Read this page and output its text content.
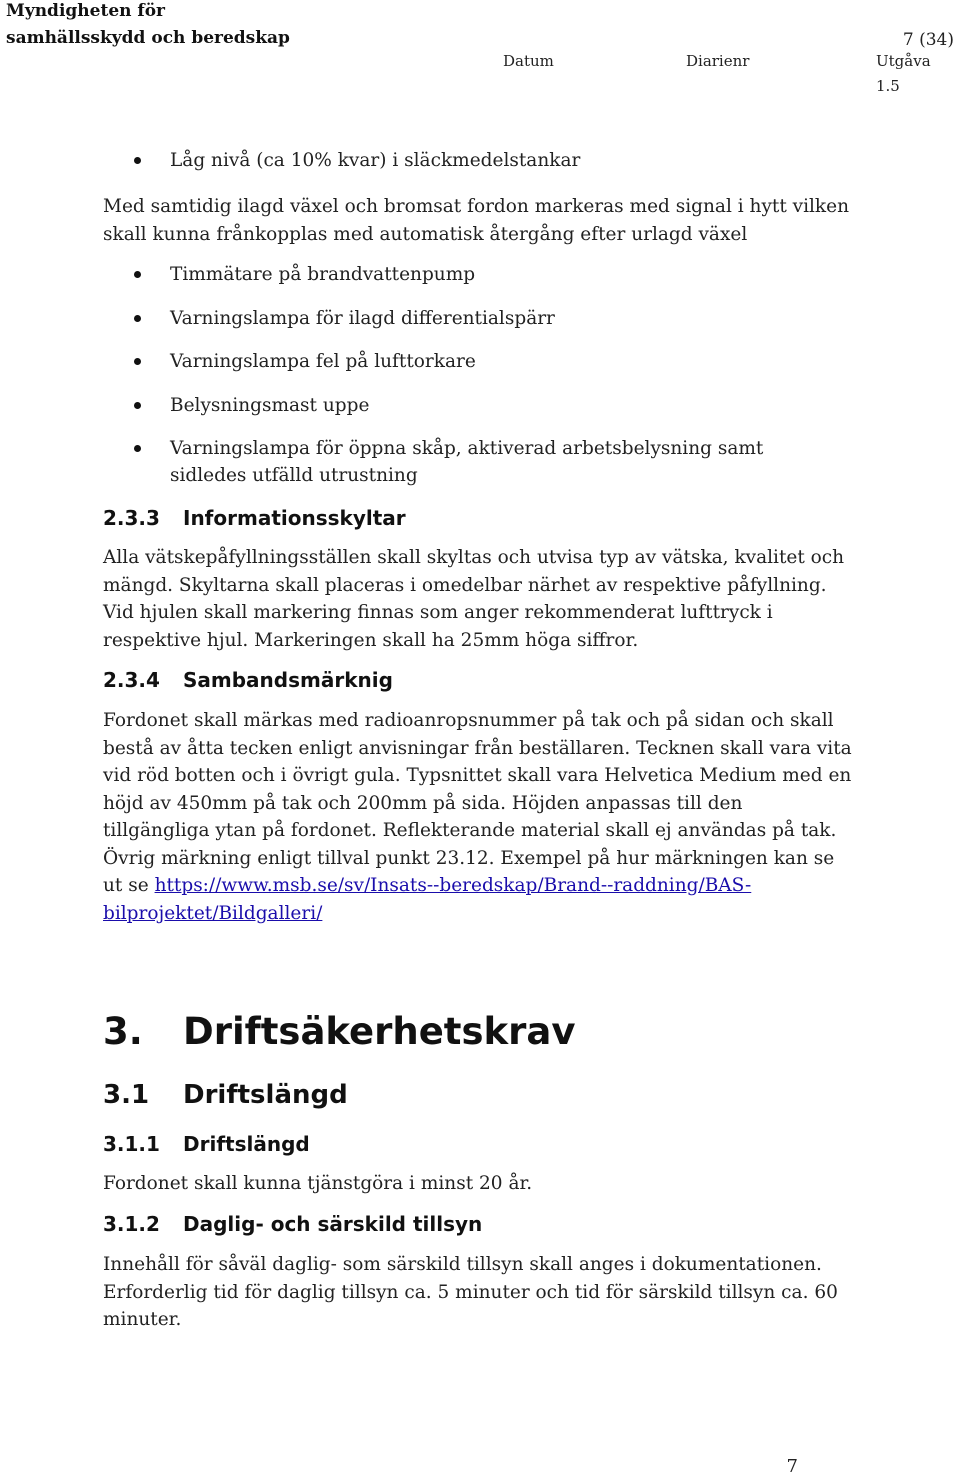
Myndigheten för
samhällsskydd och beredskap	7 (34)
Datum	Diarienr	Utgåva
1.5
Låg nivå (ca 10% kvar) i släckmedelstankar
Med samtidig ilagd växel och bromsat fordon markeras med signal i hytt vilken
skall kunna frånkopplas med automatisk återgång efter urlagd växel
Timmätare på brandvattenpump
Varningslampa för ilagd differentialspärr
Varningslampa fel på lufttorkare
Belysningsmast uppe
Varningslampa för öppna skåp, aktiverad arbetsbelysning samt
sidledes utfälld utrustning
2.3.3 Informationsskyltar
Alla vätskepåfyllningsställen skall skyltas och utvisa typ av vätska, kvalitet och
mängd. Skyltarna skall placeras i omedelbar närhet av respektive påfyllning.
Vid hjulen skall markering finnas som anger rekommenderat lufttryck i
respektive hjul. Markeringen skall ha 25mm höga siffror.
2.3.4 Sambandsmärknig
Fordonet skall märkas med radioanropsnummer på tak och på sidan och skall
bestå av åtta tecken enligt anvisningar från beställaren. Tecknen skall vara vita
vid röd botten och i övrigt gula. Typsnittet skall vara Helvetica Medium med en
höjd av 450mm på tak och 200mm på sida. Höjden anpassas till den
tillgängliga ytan på fordonet. Reflekterande material skall ej användas på tak.
Övrig märkning enligt tillval punkt 23.12. Exempel på hur märkningen kan se
ut se https://www.msb.se/sv/Insats--beredskap/Brand--raddning/BAS-
bilprojektet/Bildgalleri/
3. Driftsäkerhetskrav
3.1 Driftslängd
3.1.1 Driftslängd
Fordonet skall kunna tjänstgöra i minst 20 år.
3.1.2 Daglig- och särskild tillsyn
Innehåll för såväl daglig- som särskild tillsyn skall anges i dokumentationen.
Erforderlig tid för daglig tillsyn ca. 5 minuter och tid för särskild tillsyn ca. 60
minuter.
7
